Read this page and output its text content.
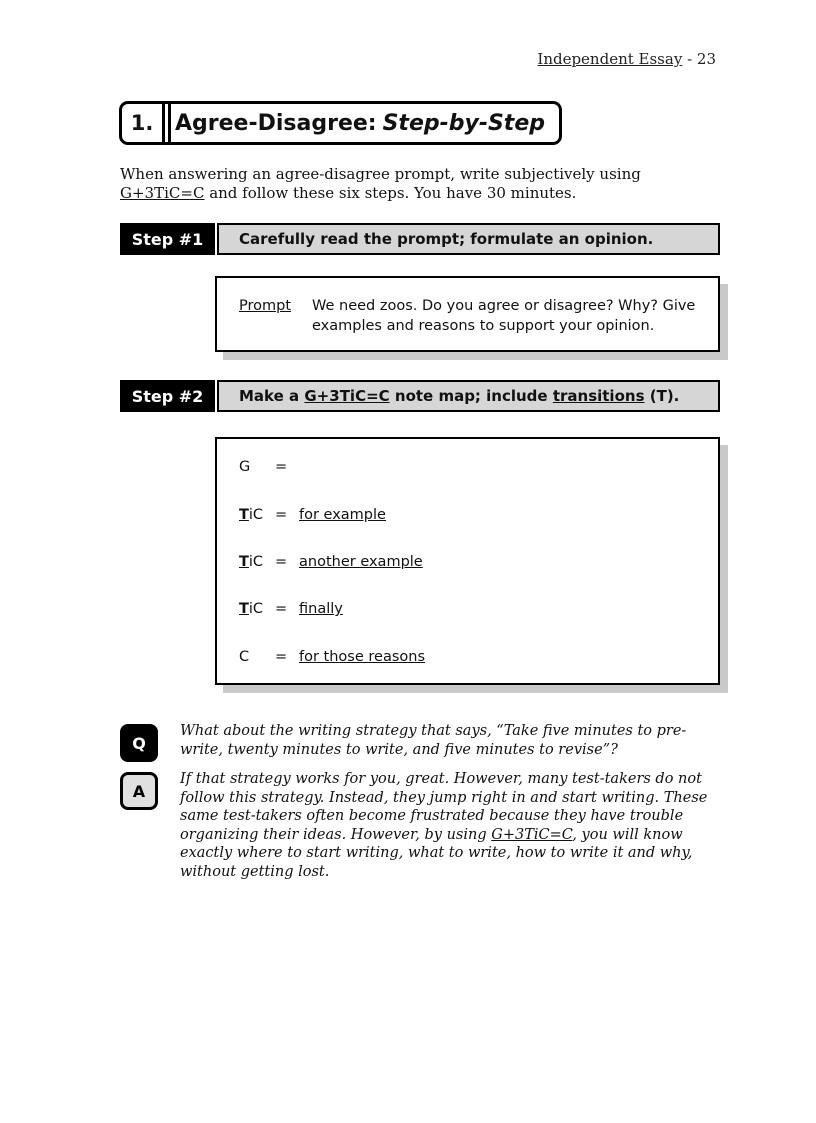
Independent Essay - 23
1. Agree-Disagree: Step-by-Step
When answering an agree-disagree prompt, write subjectively using G+3TiC=C and follow these six steps. You have 30 minutes.
Step #1	Carefully read the prompt; formulate an opinion.
Prompt	We need zoos. Do you agree or disagree? Why? Give examples and reasons to support your opinion.
Step #2	Make a
G+3TiC=C
note map; include
transitions
(T).
G	=
TiC = for example
TiC = another example
TiC = finally
C	= for those reasons
Q
What about the writing strategy that says, “Take five minutes to pre-write, twenty minutes to write, and five minutes to revise”?
A
If that strategy works for you, great. However, many test-takers do not follow this strategy. Instead, they jump right in and start writing. These same test-takers often become frustrated because they have trouble organizing their ideas. However, by using G+3TiC=C, you will know exactly where to start writing, what to write, how to write it and why, without getting lost.
